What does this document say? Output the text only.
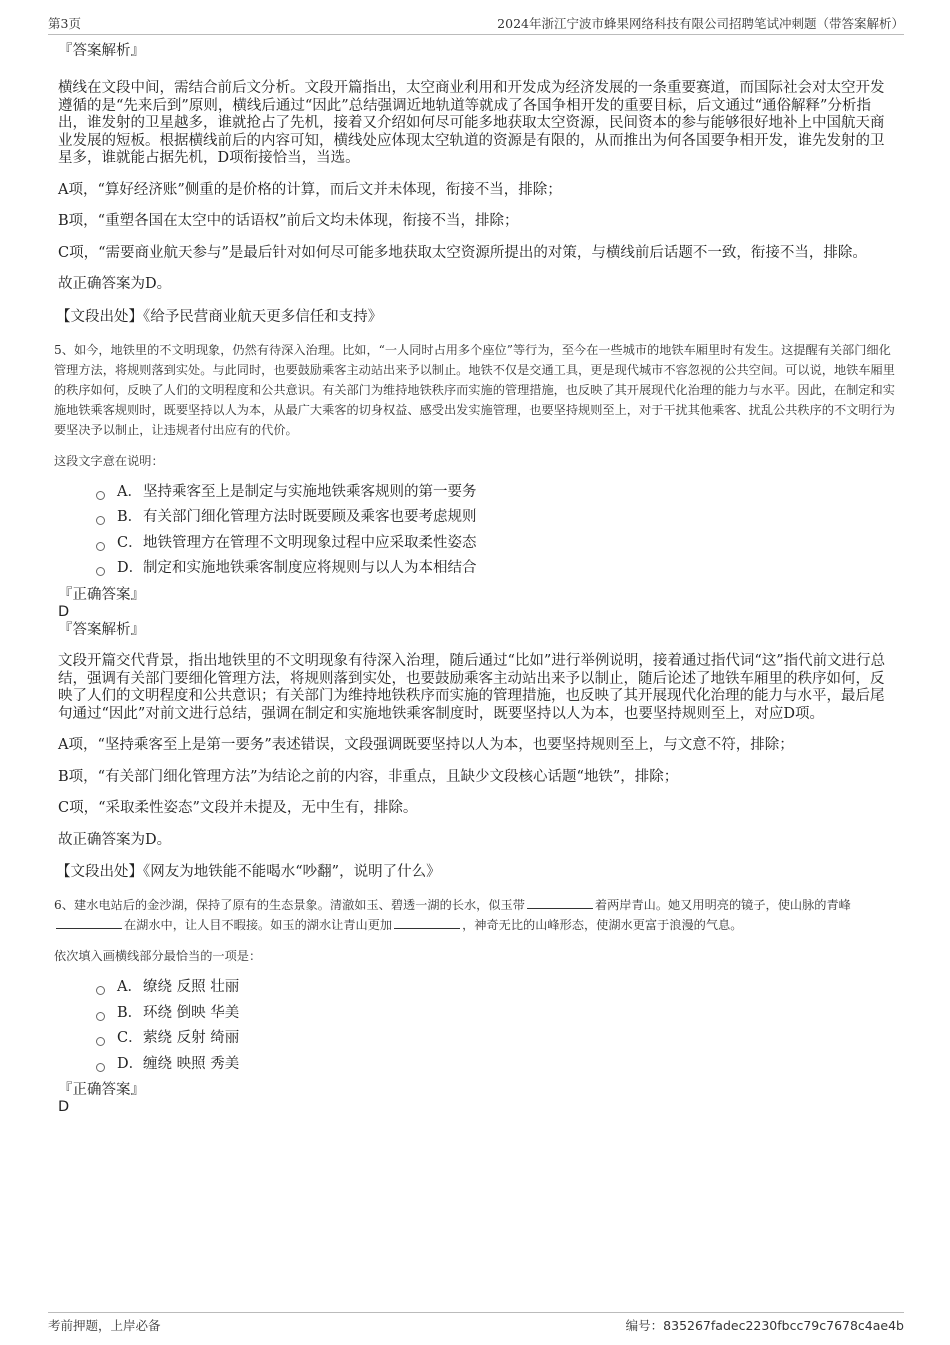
第3页	2024年浙江宁波市蜂果网络科技有限公司招聘笔试冲刺题（带答案解析）
『答案解析』
横线在文段中间，需结合前后文分析。文段开篇指出，太空商业利用和开发成为经济发展的一条重要赛道，而国际社会对太空开发遵循的是“先来后到”原则，横线后通过“因此”总结强调近地轨道等就成了各国争相开发的重要目标，后文通过“通俗解释”分析指出，谁发射的卫星越多，谁就抢占了先机，接着又介绍如何尽可能多地获取太空资源，民间资本的参与能够很好地补上中国航天商业发展的短板。根据横线前后的内容可知，横线处应体现太空轨道的资源是有限的，从而推出为何各国要争相开发，谁先发射的卫星多，谁就能占据先机，D项衔接恰当，当选。
A项，“算好经济账”侧重的是价格的计算，而后文并未体现，衔接不当，排除；
B项，“重塑各国在太空中的话语权”前后文均未体现，衔接不当，排除；
C项，“需要商业航天参与”是最后针对如何尽可能多地获取太空资源所提出的对策，与横线前后话题不一致，衔接不当，排除。
故正确答案为D。
【文段出处】《给予民营商业航天更多信任和支持》
5、如今，地铁里的不文明现象，仍然有待深入治理。比如，“一人同时占用多个座位”等行为，至今在一些城市的地铁车厢里时有发生。这提醒有关部门细化管理方法，将规则落到实处。与此同时，也要鼓励乘客主动站出来予以制止。地铁不仅是交通工具，更是现代城市不容忽视的公共空间。可以说，地铁车厢里的秩序如何，反映了人们的文明程度和公共意识。有关部门为维持地铁秩序而实施的管理措施，也反映了其开展现代化治理的能力与水平。因此，在制定和实施地铁乘客规则时，既要坚持以人为本，从最广大乘客的切身权益、感受出发实施管理，也要坚持规则至上，对于干扰其他乘客、扰乱公共秩序的不文明行为要坚决予以制止，让违规者付出应有的代价。
这段文字意在说明：
A． 坚持乘客至上是制定与实施地铁乘客规则的第一要务
B． 有关部门细化管理方法时既要顾及乘客也要考虑规则
C． 地铁管理方在管理不文明现象过程中应采取柔性姿态
D． 制定和实施地铁乘客制度应将规则与以人为本相结合
『正确答案』
D
『答案解析』
文段开篇交代背景，指出地铁里的不文明现象有待深入治理，随后通过“比如”进行举例说明，接着通过指代词“这”指代前文进行总结，强调有关部门要细化管理方法，将规则落到实处，也要鼓励乘客主动站出来予以制止，随后论述了地铁车厢里的秩序如何，反映了人们的文明程度和公共意识；有关部门为维持地铁秩序而实施的管理措施，也反映了其开展现代化治理的能力与水平，最后尾句通过“因此”对前文进行总结，强调在制定和实施地铁乘客制度时，既要坚持以人为本，也要坚持规则至上，对应D项。
A项，“坚持乘客至上是第一要务”表述错误，文段强调既要坚持以人为本，也要坚持规则至上，与文意不符，排除；
B项，“有关部门细化管理方法”为结论之前的内容，非重点，且缺少文段核心话题“地铁”，排除；
C项，“采取柔性姿态”文段并未提及，无中生有，排除。
故正确答案为D。
【文段出处】《网友为地铁能不能喝水“吵翻”，说明了什么》
6、建水电站后的金沙湖，保持了原有的生态景象。清澈如玉、碧透一湖的长水，似玉带	着两岸青山。她又用明亮的镜子，使山脉的青峰在湖水中，让人目不暇接。如玉的湖水让青山更加	，神奇无比的山峰形态，使湖水更富于浪漫的气息。
依次填入画横线部分最恰当的一项是：
A． 缭绕 反照 壮丽
B． 环绕 倒映 华美
C． 萦绕 反射 绮丽
D． 缠绕 映照 秀美
『正确答案』
D
考前押题，上岸必备	编号：835267fadec2230fbcc79c7678c4ae4b
